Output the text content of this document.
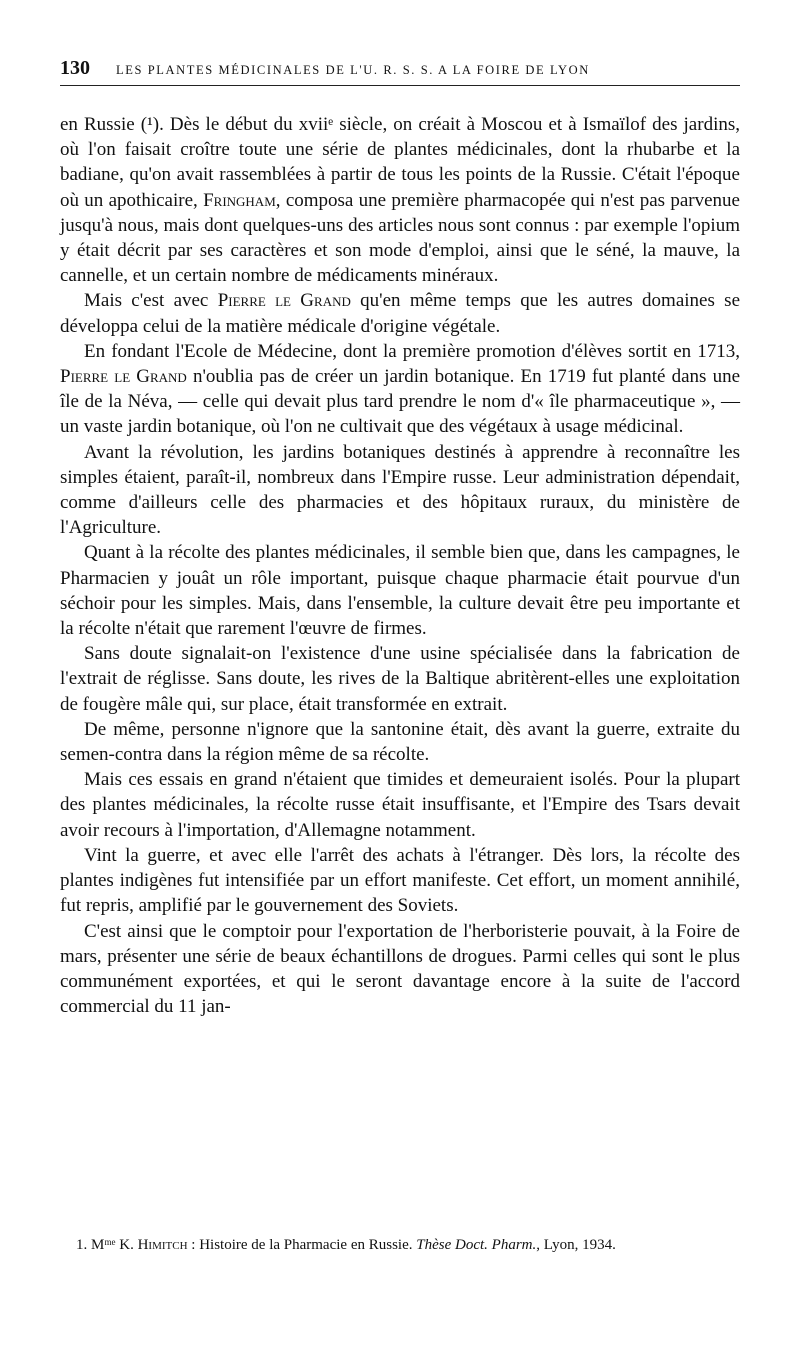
130 LES PLANTES MÉDICINALES DE L'U. R. S. S. A LA FOIRE DE LYON

en Russie (¹). Dès le début du xviiᵉ siècle, on créait à Moscou et à Ismaïlof des jardins, où l'on faisait croître toute une série de plantes médicinales, dont la rhubarbe et la badiane, qu'on avait rassemblées à partir de tous les points de la Russie. C'était l'époque où un apothicaire, Fringham, composa une première pharmacopée qui n'est pas parvenue jusqu'à nous, mais dont quelques-uns des articles nous sont connus : par exemple l'opium y était décrit par ses caractères et son mode d'emploi, ainsi que le séné, la mauve, la cannelle, et un certain nombre de médicaments minéraux.

Mais c'est avec Pierre le Grand qu'en même temps que les autres domaines se développa celui de la matière médicale d'origine végétale.

En fondant l'Ecole de Médecine, dont la première promotion d'élèves sortit en 1713, Pierre le Grand n'oublia pas de créer un jardin botanique. En 1719 fut planté dans une île de la Néva, — celle qui devait plus tard prendre le nom d'« île pharmaceutique », — un vaste jardin botanique, où l'on ne cultivait que des végétaux à usage médicinal.

Avant la révolution, les jardins botaniques destinés à apprendre à reconnaître les simples étaient, paraît-il, nombreux dans l'Empire russe. Leur administration dépendait, comme d'ailleurs celle des pharmacies et des hôpitaux ruraux, du ministère de l'Agriculture.

Quant à la récolte des plantes médicinales, il semble bien que, dans les campagnes, le Pharmacien y jouât un rôle important, puisque chaque pharmacie était pourvue d'un séchoir pour les simples. Mais, dans l'ensemble, la culture devait être peu importante et la récolte n'était que rarement l'œuvre de firmes.

Sans doute signalait-on l'existence d'une usine spécialisée dans la fabrication de l'extrait de réglisse. Sans doute, les rives de la Baltique abritèrent-elles une exploitation de fougère mâle qui, sur place, était transformée en extrait.

De même, personne n'ignore que la santonine était, dès avant la guerre, extraite du semen-contra dans la région même de sa récolte.

Mais ces essais en grand n'étaient que timides et demeuraient isolés. Pour la plupart des plantes médicinales, la récolte russe était insuffisante, et l'Empire des Tsars devait avoir recours à l'importation, d'Allemagne notamment.

Vint la guerre, et avec elle l'arrêt des achats à l'étranger. Dès lors, la récolte des plantes indigènes fut intensifiée par un effort manifeste. Cet effort, un moment annihilé, fut repris, amplifié par le gouvernement des Soviets.

C'est ainsi que le comptoir pour l'exportation de l'herboristerie pouvait, à la Foire de mars, présenter une série de beaux échantillons de drogues. Parmi celles qui sont le plus communément exportées, et qui le seront davantage encore à la suite de l'accord commercial du 11 jan-

1. Mᵐᵉ K. Himitch : Histoire de la Pharmacie en Russie. Thèse Doct. Pharm., Lyon, 1934.
